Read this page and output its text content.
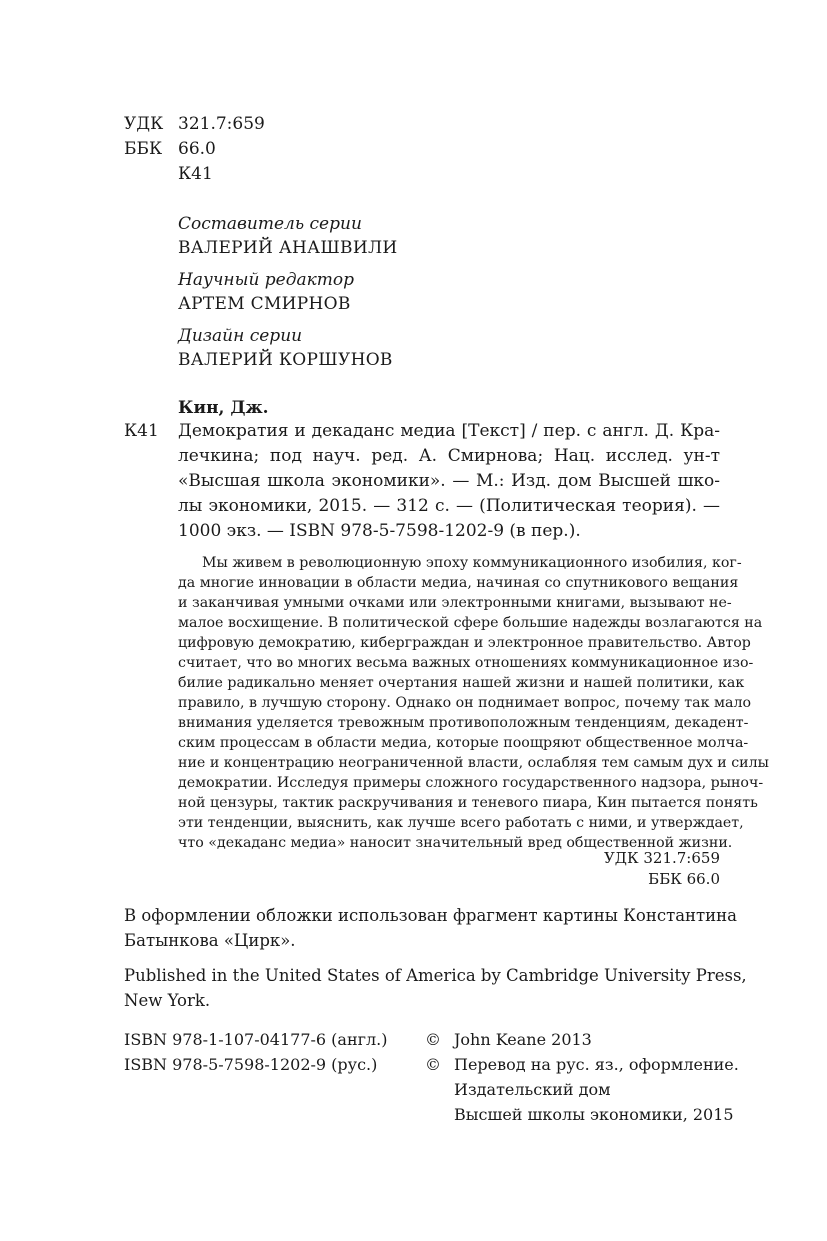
УДК 321.7:659
ББК 66.0
К41
Составитель серии
ВАЛЕРИЙ АНАШВИЛИ
Научный редактор
АРТЕМ СМИРНОВ
Дизайн серии
ВАЛЕРИЙ КОРШУНОВ
Кин, Дж.
К41 Демократия и декаданс медиа [Текст] / пер. с англ. Д. Кра-
лечкина; под науч. ред. А. Смирнова; Нац. исслед. ун-т
«Высшая школа экономики». — М.: Изд. дом Высшей шко-
лы экономики, 2015. — 312 с. — (Политическая теория). —
1000 экз. — ISBN 978-5-7598-1202-9 (в пер.).
Мы живем в революционную эпоху коммуникационного изобилия, ког-
да многие инновации в области медиа, начиная со спутникового вещания
и заканчивая умными очками или электронными книгами, вызывают не-
малое восхищение. В политической сфере большие надежды возлагаются на
цифровую демократию, киберграждан и электронное правительство. Автор
считает, что во многих весьма важных отношениях коммуникационное изо-
билие радикально меняет очертания нашей жизни и нашей политики, как
правило, в лучшую сторону. Однако он поднимает вопрос, почему так мало
внимания уделяется тревожным противоположным тенденциям, декадент-
ским процессам в области медиа, которые поощряют общественное молча-
ние и концентрацию неограниченной власти, ослабляя тем самым дух и силы
демократии. Исследуя примеры сложного государственного надзора, рыноч-
ной цензуры, тактик раскручивания и теневого пиара, Кин пытается понять
эти тенденции, выяснить, как лучше всего работать с ними, и утверждает,
что «декаданс медиа» наносит значительный вред общественной жизни.
УДК 321.7:659
ББК 66.0
В оформлении обложки использован фрагмент картины Константина
Батынкова «Цирк».
Published in the United States of America by Cambridge University Press,
New York.
ISBN 978-1-107-04177-6 (англ.)
ISBN 978-5-7598-1202-9 (рус.)
© John Keane 2013
© Перевод на рус. яз., оформление.
Издательский дом
Высшей школы экономики, 2015
